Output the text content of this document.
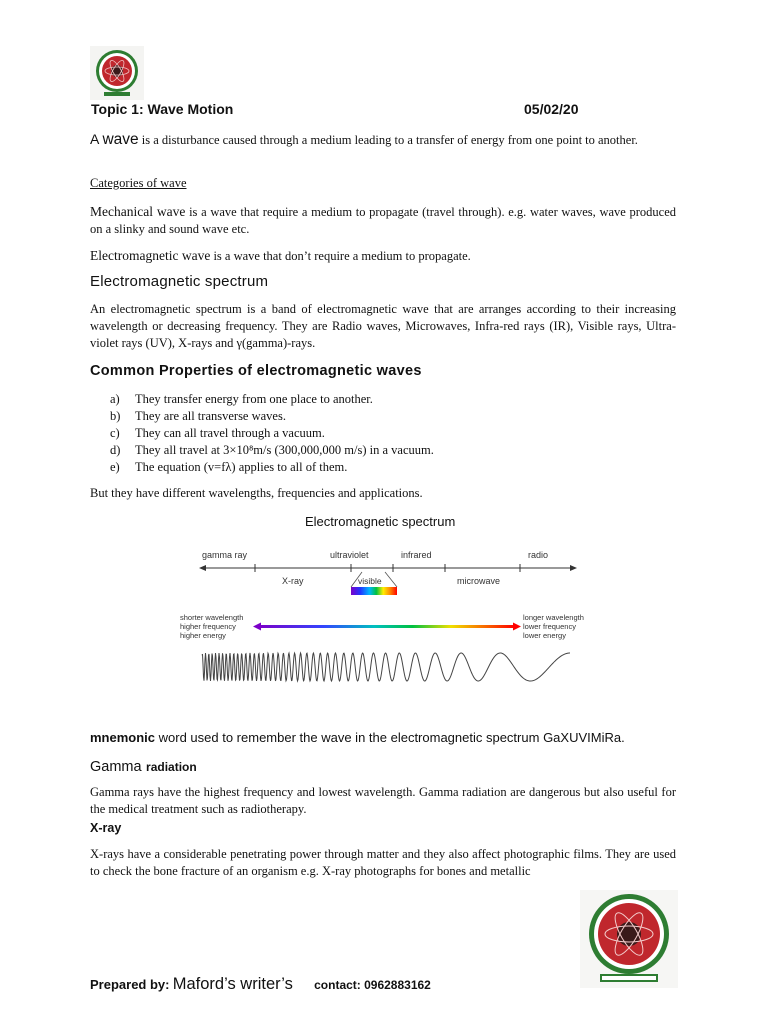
Topic 1: Wave Motion	05/02/20
A wave is a disturbance caused through a medium leading to a transfer of energy from one point to another.
Categories of wave
Mechanical wave is a wave that require a medium to propagate (travel through). e.g. water waves, wave produced on a slinky and sound wave etc.
Electromagnetic wave is a wave that don’t require a medium to propagate.
Electromagnetic spectrum
An electromagnetic spectrum is a band of electromagnetic wave that are arranges according to their increasing wavelength or decreasing frequency. They are Radio waves, Microwaves, Infra-red rays (IR), Visible rays, Ultra-violet rays (UV), X-rays and γ(gamma)-rays.
Common Properties of electromagnetic waves
a) They transfer energy from one place to another.
b) They are all transverse waves.
c) They can all travel through a vacuum.
d) They all travel at 3×10⁸m/s (300,000,000 m/s) in a vacuum.
e) The equation (v=fλ) applies to all of them.
But they have different wavelengths, frequencies and applications.
Electromagnetic spectrum
gamma ray	ultraviolet	infrared	radio
X-ray	visible	microwave
shorter wavelength
higher frequency
higher energy
longer wavelength
lower frequency
lower energy
mnemonic word used to remember the wave in the electromagnetic spectrum GaXUVIMiRa.
Gamma radiation
Gamma rays have the highest frequency and lowest wavelength. Gamma radiation are dangerous but also useful for the medical treatment such as radiotherapy.
X-ray
X-rays have a considerable penetrating power through matter and they also affect photographic films. They are used to check the bone fracture of an organism e.g. X-ray photographs for bones and metallic
Prepared by: Maford’s writer’s contact: 0962883162
